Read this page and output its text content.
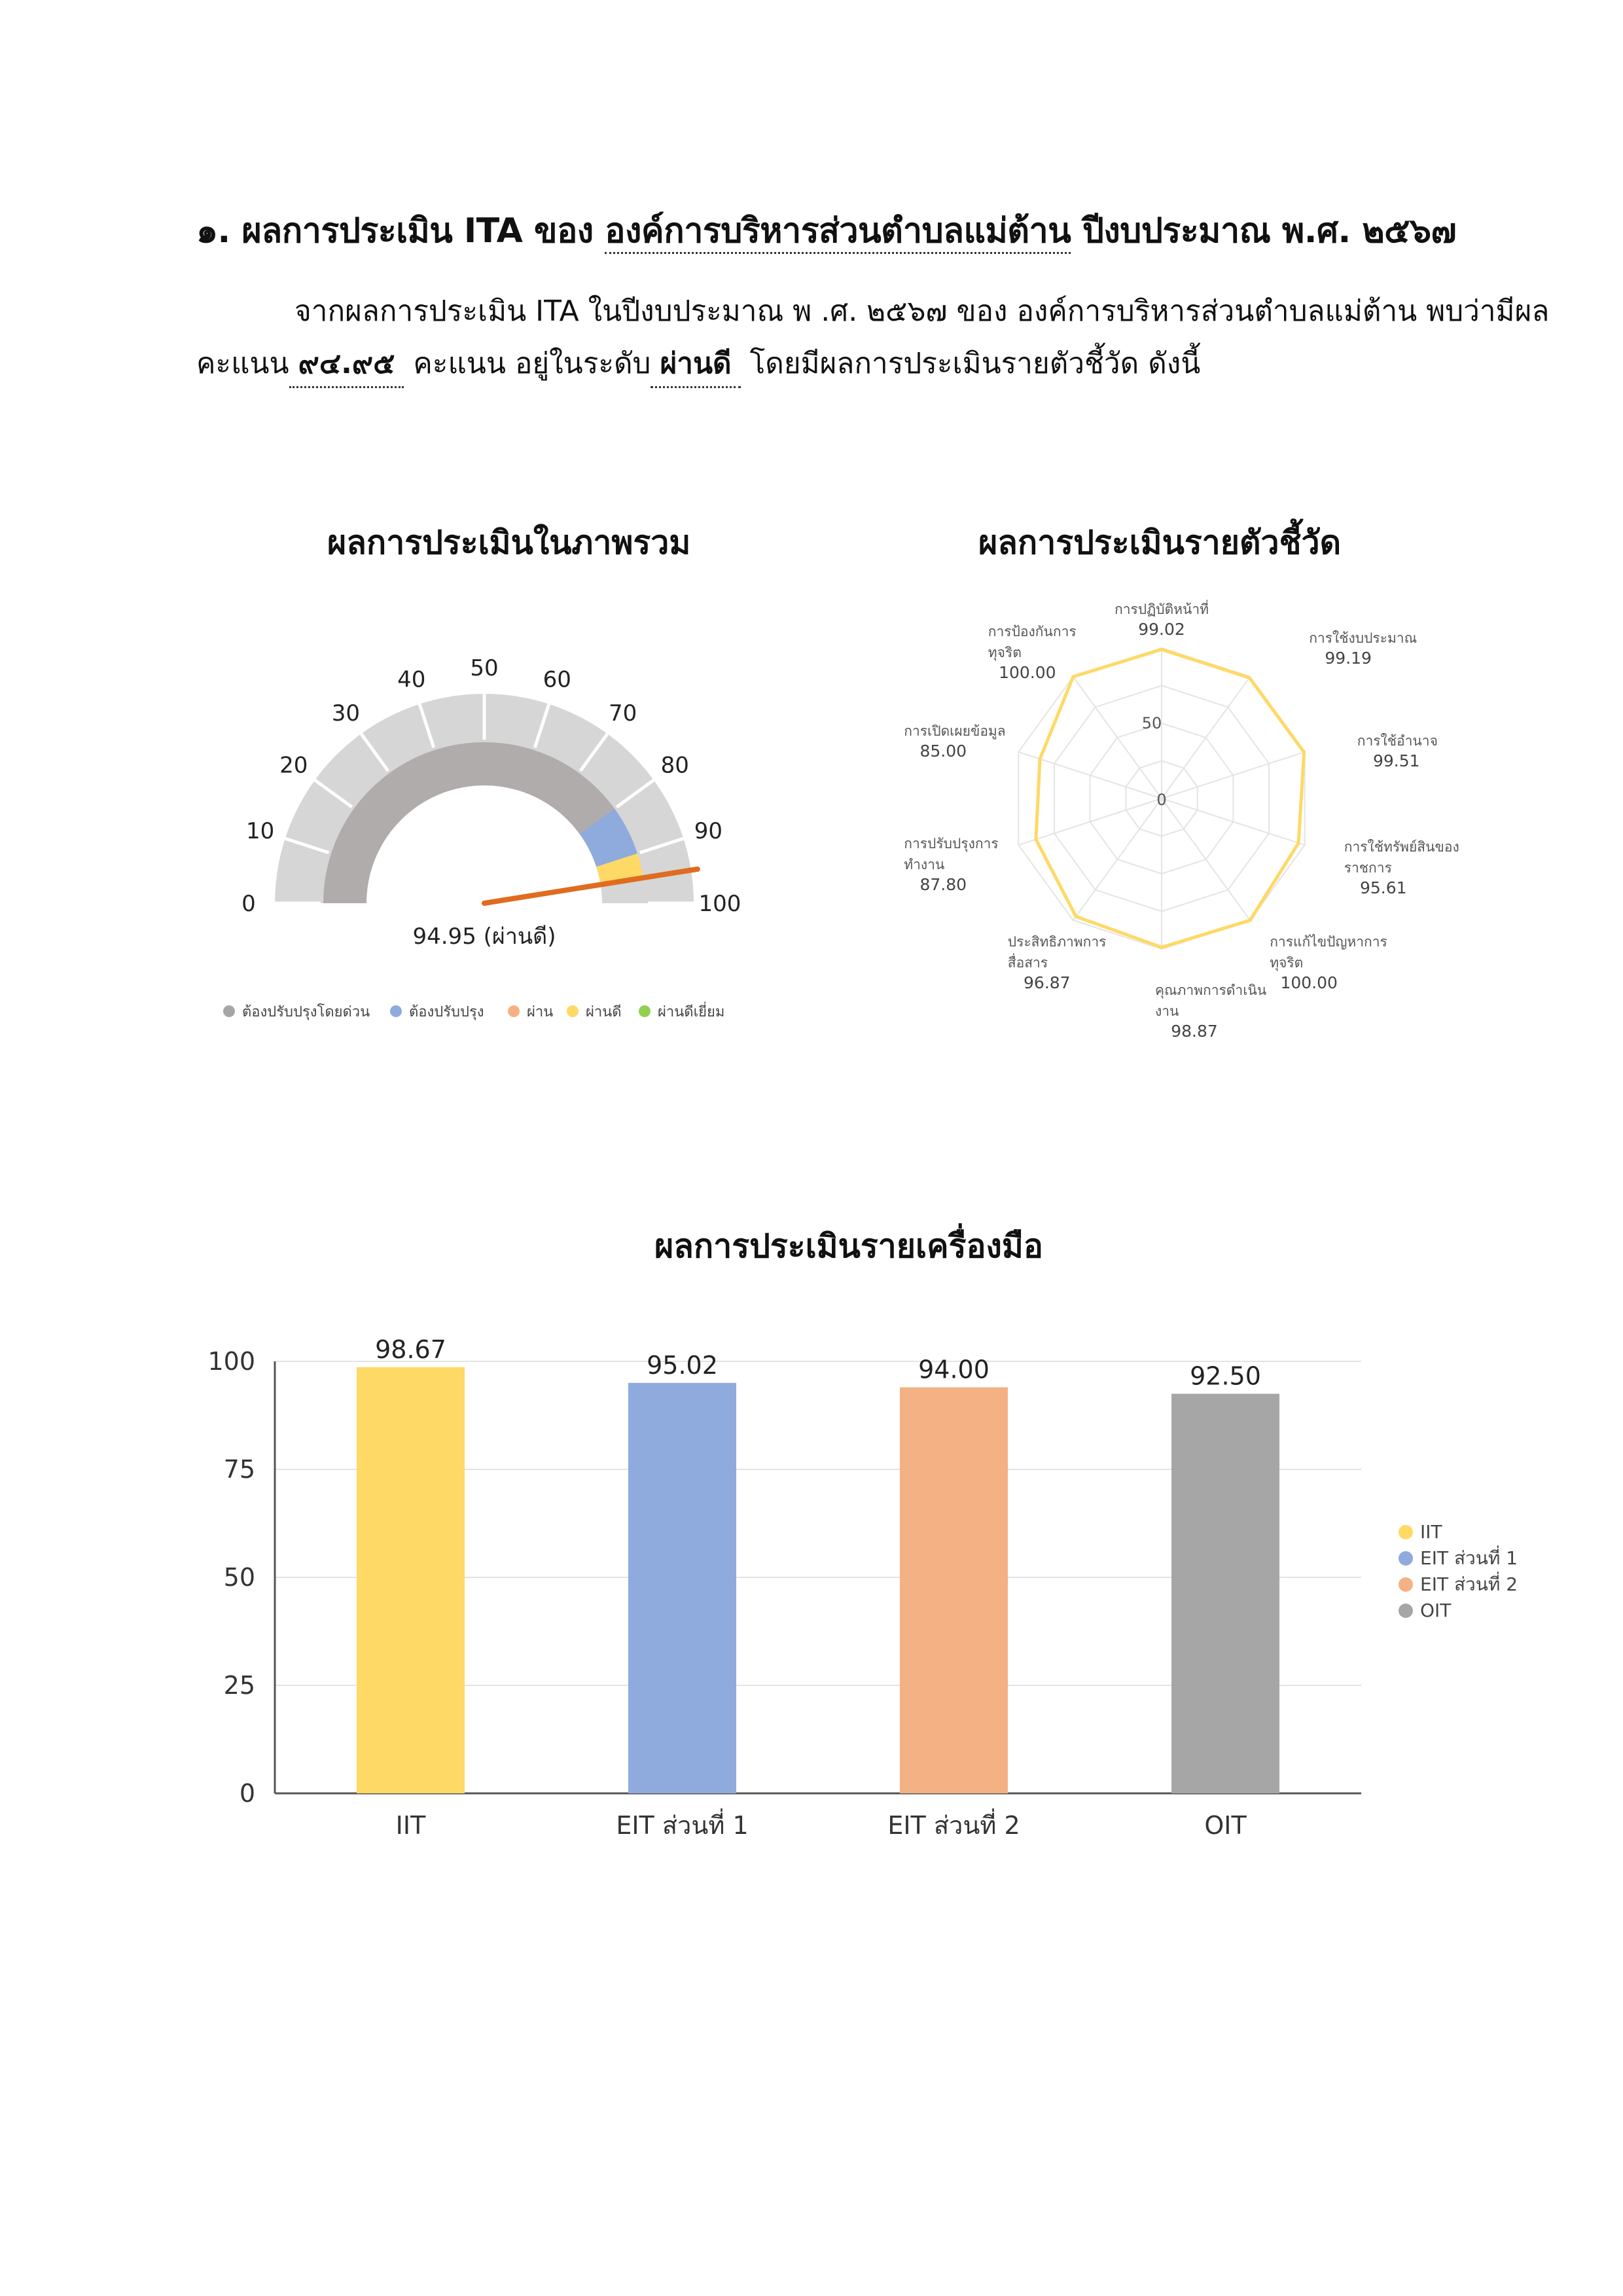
๑. ผลการประเมิน ITA ของ องค์การบริหารส่วนตำบลแม่ต้าน ปีงบประมาณ พ.ศ. ๒๕๖๗
จากผลการประเมิน ITA ในปีงบประมาณ พ .ศ. ๒๕๖๗ ของ องค์การบริหารส่วนตำบลแม่ต้าน พบว่ามีผล
คะแนน ๙๔.๙๕ คะแนน อยู่ในระดับ ผ่านดี โดยมีผลการประเมินรายตัวชี้วัด ดังนี้
ผลการประเมินในภาพรวม	ผลการประเมินรายตัวชี้วัด
ผลการประเมินรายเครื่องมือ
0
10
20
30
40 50 60
70
80
90
100
94.95 (ผ่านดี)
ต้องปรับปรุงโดยด่วน	ต้องปรับปรุง	ผ่าน ผ่านดี	ผ่านดีเยี่ยม
0
50
การปฏิบัติหน้าที่
99.02	การใช้งบประมาณ
99.19
การใช้อำนาจ
99.51
การใช้ทรัพย์สินของ
ราชการ
95.61
การแก้ไขปัญหาการ
ทุจริต
100.00
คุณภาพการดำเนิน
งาน
98.87
ประสิทธิภาพการ
สื่อสาร
96.87
การปรับปรุงการ
ทำงาน
87.80
การเปิดเผยข้อมูล
85.00
การป้องกันการ
ทุจริต
100.00
0
25
50
75
100	98.67
IIT
95.02
EIT ส่วนที่ 1
94.00
EIT ส่วนที่ 2
92.50
OIT
IIT
EIT ส่วนที่ 1
EIT ส่วนที่ 2
OIT
